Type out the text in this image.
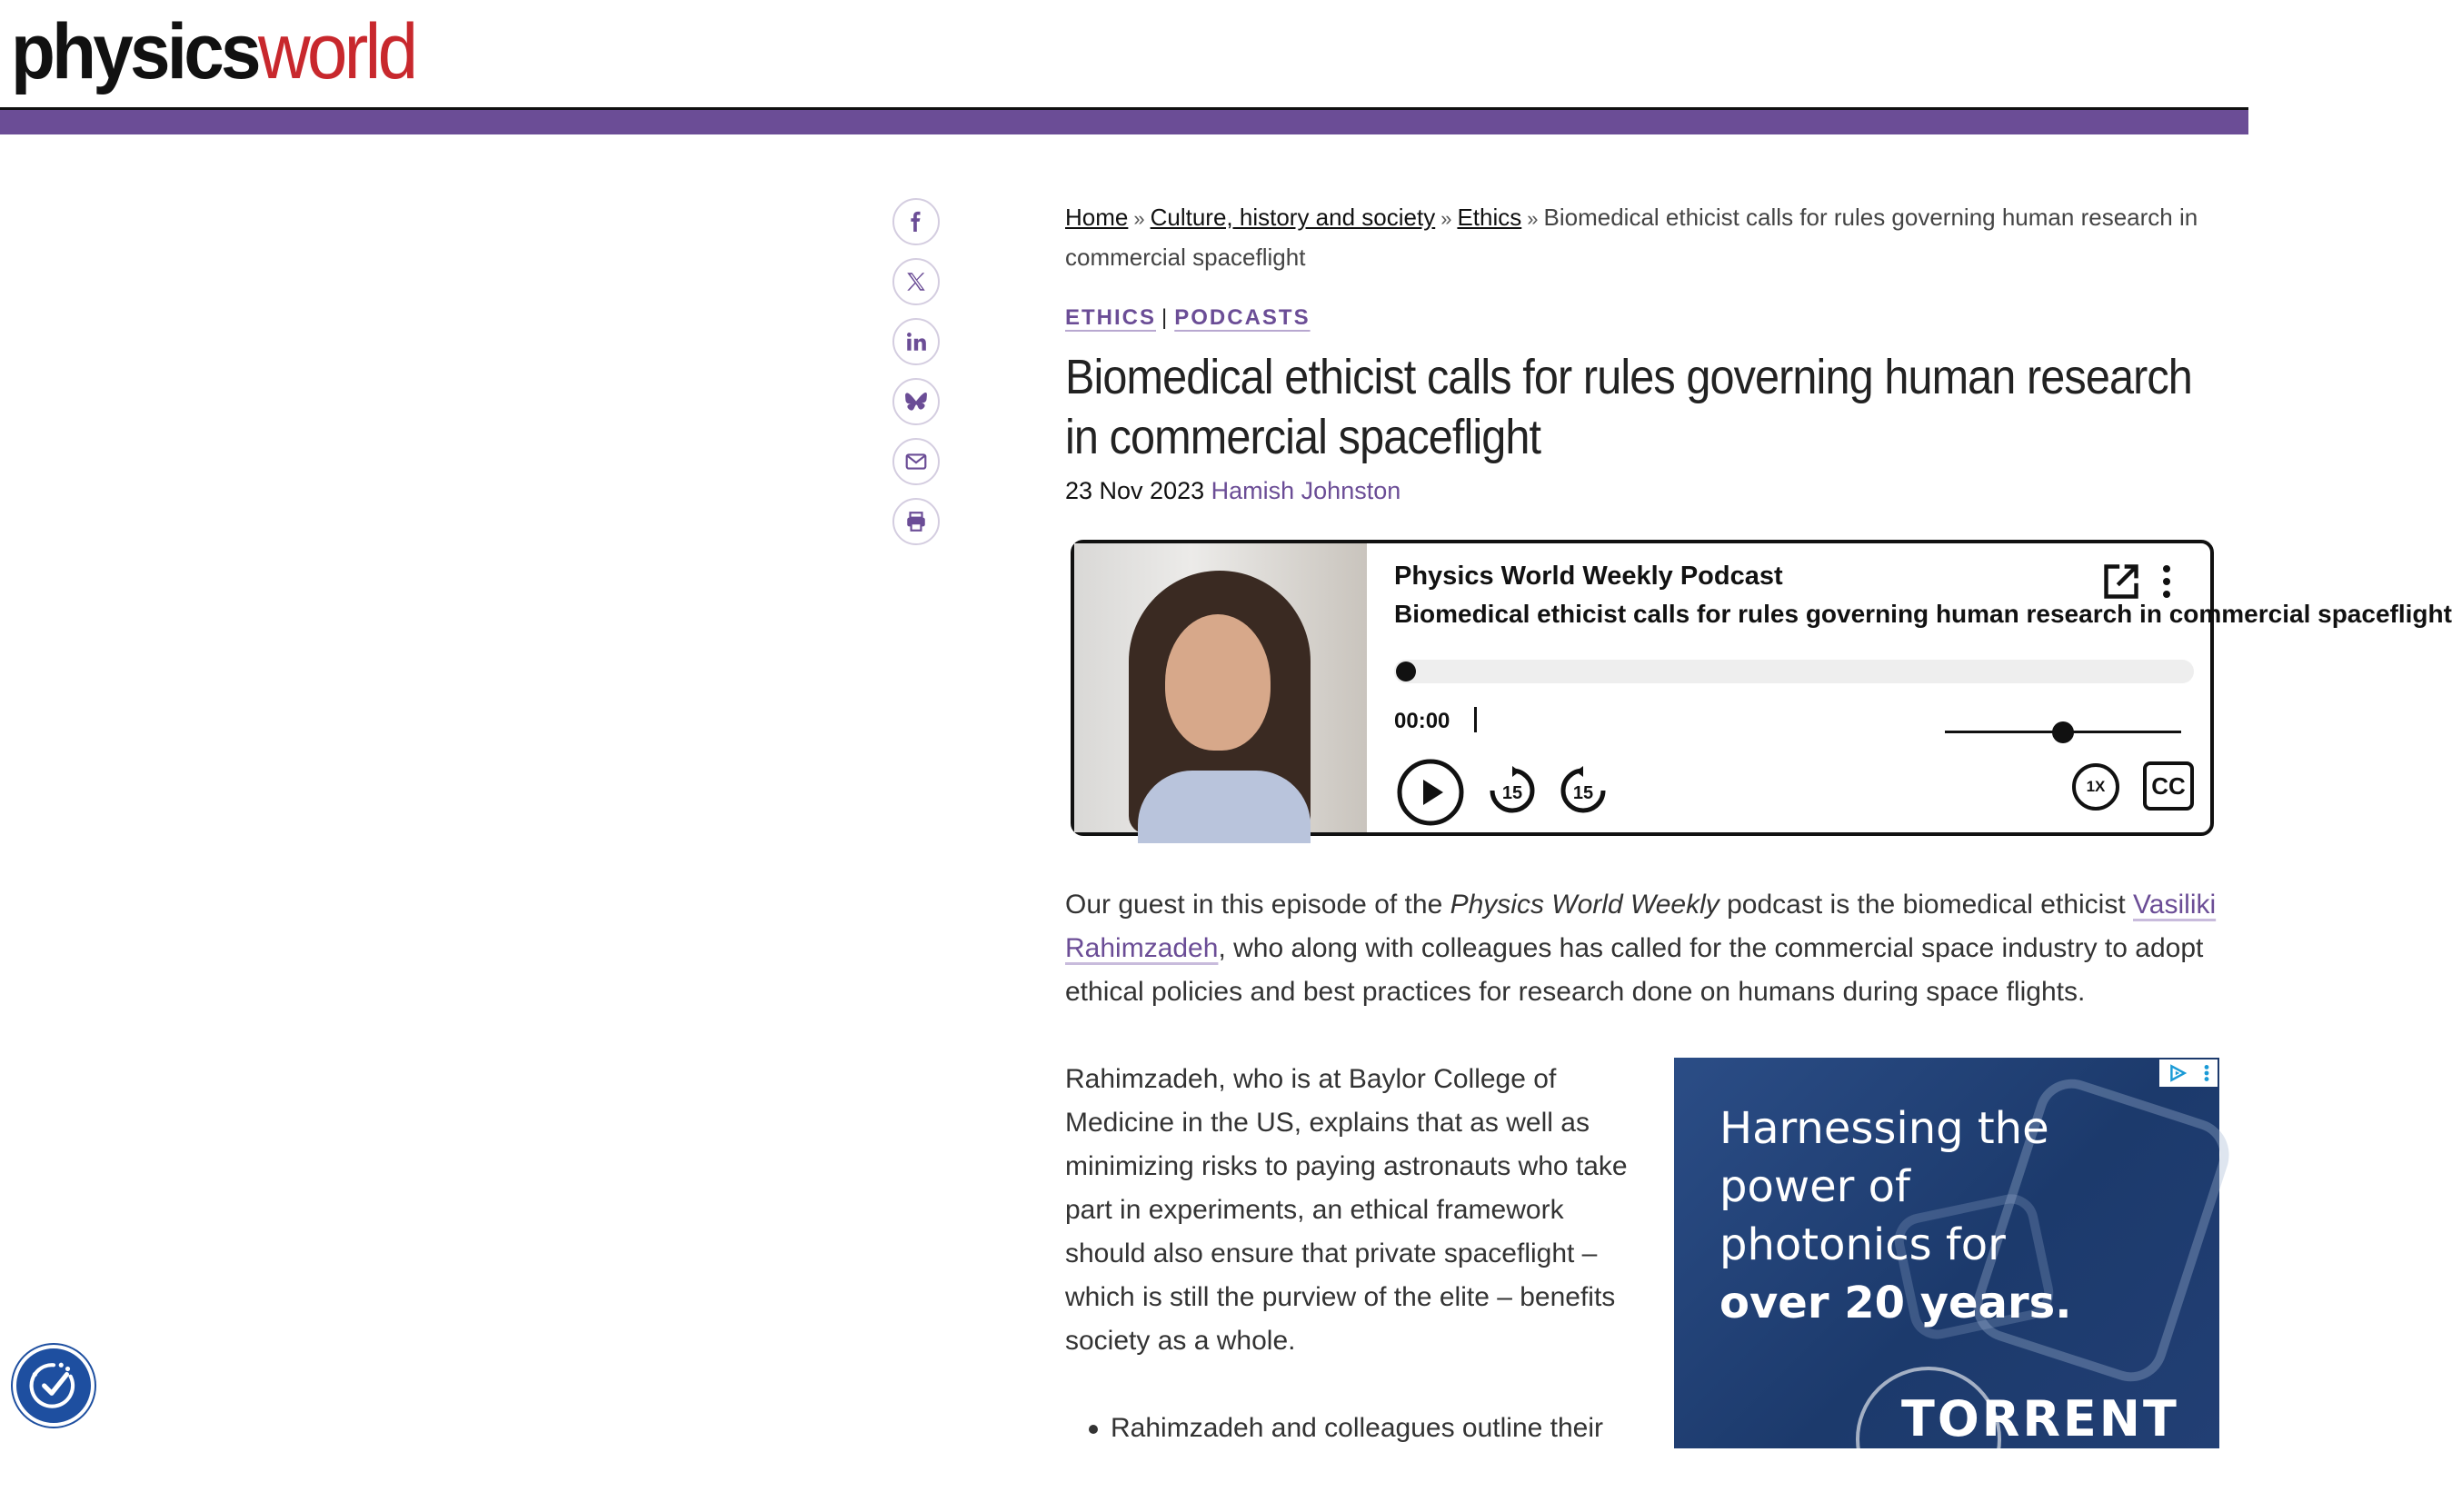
physicsworld
Home » Culture, history and society » Ethics » Biomedical ethicist calls for rules governing human research in commercial spaceflight
ETHICS | PODCASTS
Biomedical ethicist calls for rules governing human research in commercial spaceflight
23 Nov 2023 Hamish Johnston
Physics World Weekly Podcast
Biomedical ethicist calls for rules governing human research in commercial spaceflight
00:00
15	15	1X	CC

Our guest in this episode of the Physics World Weekly podcast is the biomedical ethicist Vasiliki Rahimzadeh, who along with colleagues has called for the commercial space industry to adopt ethical policies and best practices for research done on humans during space flights.

Rahimzadeh, who is at Baylor College of Medicine in the US, explains that as well as minimizing risks to paying astronauts who take part in experiments, an ethical framework should also ensure that private spaceflight – which is still the purview of the elite – benefits society as a whole.

Rahimzadeh and colleagues outline their
Harnessing the
power of
photonics for
over 20 years.
TORRENT
